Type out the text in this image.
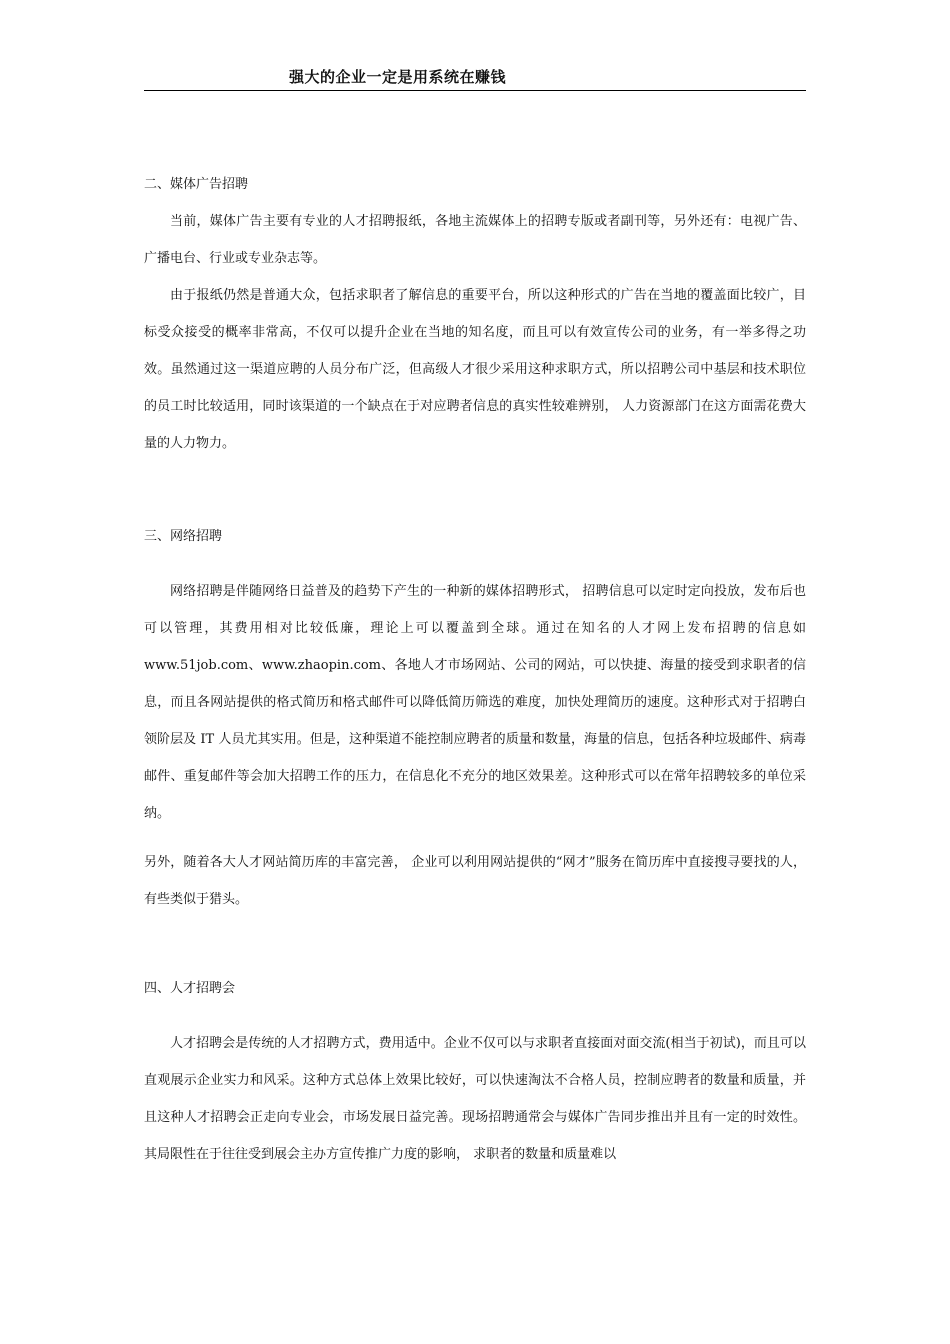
强大的企业一定是用系统在赚钱
二、媒体广告招聘

当前，媒体广告主要有专业的人才招聘报纸，各地主流媒体上的招聘专版或者副刊等，另外还有：电视广告、广播电台、行业或专业杂志等。

由于报纸仍然是普通大众，包括求职者了解信息的重要平台，所以这种形式的广告在当地的覆盖面比较广，目标受众接受的概率非常高，不仅可以提升企业在当地的知名度，而且可以有效宣传公司的业务，有一举多得之功效。虽然通过这一渠道应聘的人员分布广泛，但高级人才很少采用这种求职方式，所以招聘公司中基层和技术职位的员工时比较适用，同时该渠道的一个缺点在于对应聘者信息的真实性较难辨别， 人力资源部门在这方面需花费大量的人力物力。

三、网络招聘

网络招聘是伴随网络日益普及的趋势下产生的一种新的媒体招聘形式， 招聘信息可以定时定向投放，发布后也可以管理，其费用相对比较低廉，理论上可以覆盖到全球。通过在知名的人才网上发布招聘的信息如www.51job.com、www.zhaopin.com、各地人才市场网站、公司的网站，可以快捷、海量的接受到求职者的信息，而且各网站提供的格式简历和格式邮件可以降低简历筛选的难度，加快处理简历的速度。这种形式对于招聘白领阶层及 IT 人员尤其实用。但是，这种渠道不能控制应聘者的质量和数量，海量的信息，包括各种垃圾邮件、病毒邮件、重复邮件等会加大招聘工作的压力，在信息化不充分的地区效果差。这种形式可以在常年招聘较多的单位采纳。

另外，随着各大人才网站简历库的丰富完善， 企业可以利用网站提供的“网才”服务在简历库中直接搜寻要找的人， 有些类似于猎头。

四、人才招聘会

人才招聘会是传统的人才招聘方式，费用适中。企业不仅可以与求职者直接面对面交流(相当于初试)，而且可以直观展示企业实力和风采。这种方式总体上效果比较好，可以快速淘汰不合格人员，控制应聘者的数量和质量，并且这种人才招聘会正走向专业会，市场发展日益完善。现场招聘通常会与媒体广告同步推出并且有一定的时效性。 其局限性在于往往受到展会主办方宣传推广力度的影响， 求职者的数量和质量难以
